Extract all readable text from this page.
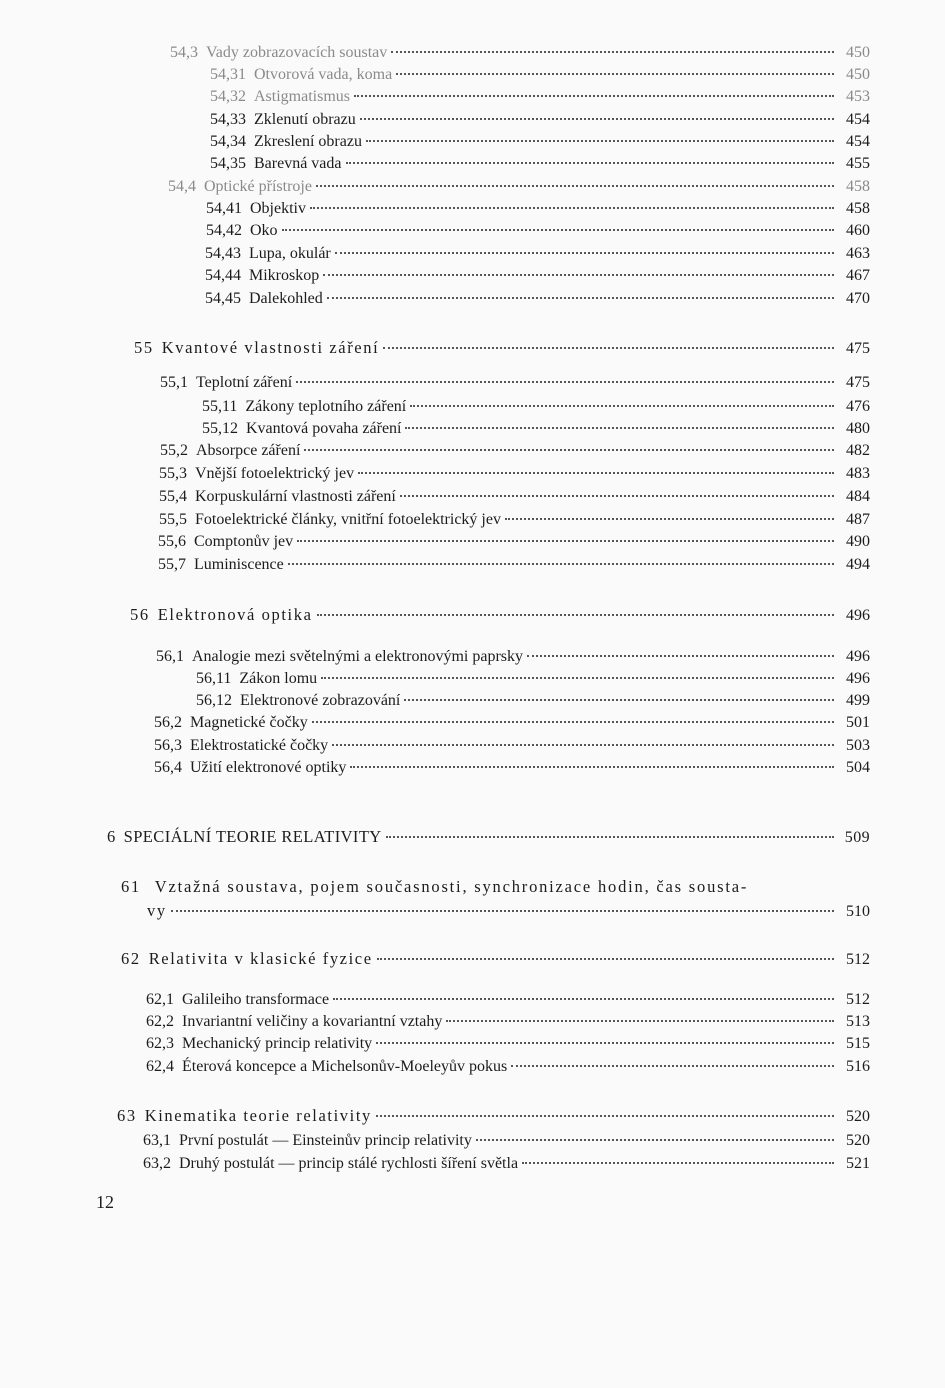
54,3 Vady zobrazovacích soustav	450
54,31 Otvorová vada, koma	450
54,32 Astigmatismus	453
54,33 Zklenutí obrazu	454
54,34 Zkreslení obrazu	454
54,35 Barevná vada	455
54,4 Optické přístroje	458
54,41 Objektiv	458
54,42 Oko	460
54,43 Lupa, okulár	463
54,44 Mikroskop	467
54,45 Dalekohled	470
55 Kvantové vlastnosti záření	475
55,1 Teplotní záření	475
55,11 Zákony teplotního záření	476
55,12 Kvantová povaha záření	480
55,2 Absorpce záření	482
55,3 Vnější fotoelektrický jev	483
55,4 Korpuskulární vlastnosti záření	484
55,5 Fotoelektrické články, vnitřní fotoelektrický jev	487
55,6 Comptonův jev	490
55,7 Luminiscence	494
56 Elektronová optika	496
56,1 Analogie mezi světelnými a elektronovými paprsky	496
56,11 Zákon lomu	496
56,12 Elektronové zobrazování	499
56,2 Magnetické čočky	501
56,3 Elektrostatické čočky	503
56,4 Užití elektronové optiky	504
6 SPECIÁLNÍ TEORIE RELATIVITY	509
61 Vztažná soustava, pojem současnosti, synchronizace hodin, čas sousta-
vy	510
62 Relativita v klasické fyzice	512
62,1 Galileiho transformace	512
62,2 Invariantní veličiny a kovariantní vztahy	513
62,3 Mechanický princip relativity	515
62,4 Éterová koncepce a Michelsonův-Moeleyův pokus	516
63 Kinematika teorie relativity	520
63,1 První postulát — Einsteinův princip relativity	520
63,2 Druhý postulát — princip stálé rychlosti šíření světla	521
12
